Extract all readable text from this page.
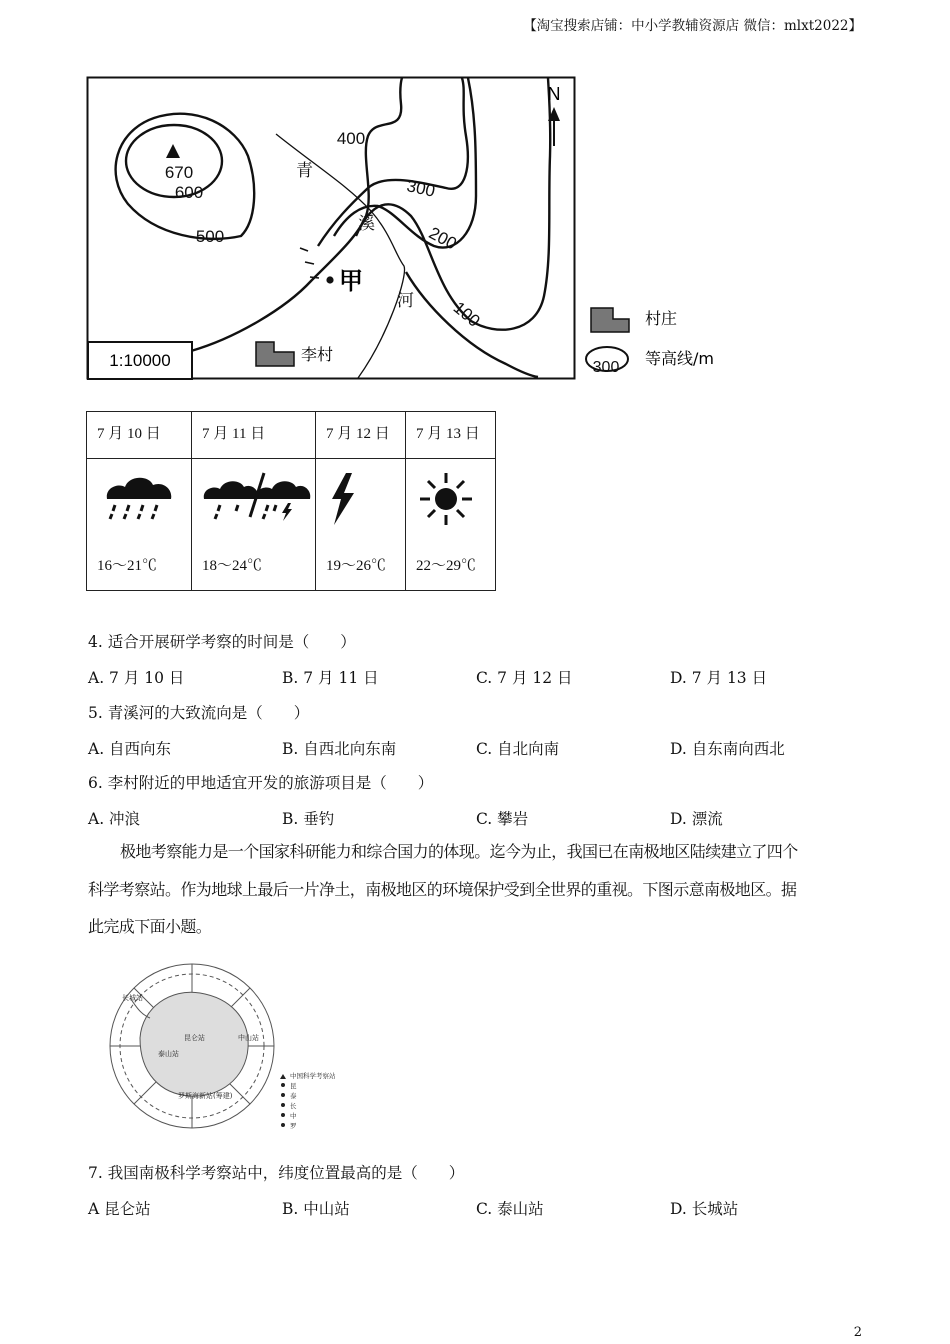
【淘宝搜索店铺：中小学教辅资源店 微信：mlxt2022】
N
670
600
500
400
300
200
100
青
溪
河
甲
1:10000	李村
村庄
300 等高线/m
7 月 10 日	7 月 11 日	7 月 12 日	7 月 13 日

16～21℃	18～24℃	19～26℃	22～29℃
4. 适合开展研学考察的时间是（　　）
A. 7 月 10 日	B. 7 月 11 日	C. 7 月 12 日	D. 7 月 13 日
5. 青溪河的大致流向是（　　）
A. 自西向东	B. 自西北向东南	C. 自北向南	D. 自东南向西北
6. 李村附近的甲地适宜开发的旅游项目是（　　）
A. 冲浪	B. 垂钓	C. 攀岩	D. 漂流
极地考察能力是一个国家科研能力和综合国力的体现。迄今为止，我国已在南极地区陆续建立了四个
科学考察站。作为地球上最后一片净土，南极地区的环境保护受到全世界的重视。下图示意南极地区。据
此完成下面小题。
长城站
昆仑站	中山站
泰山站
罗斯海新站(筹建)
中国科学考察站
昆
泰
长
中
罗
7. 我国南极科学考察站中，纬度位置最高的是（　　）
A 昆仑站	B. 中山站	C. 泰山站	D. 长城站
2
